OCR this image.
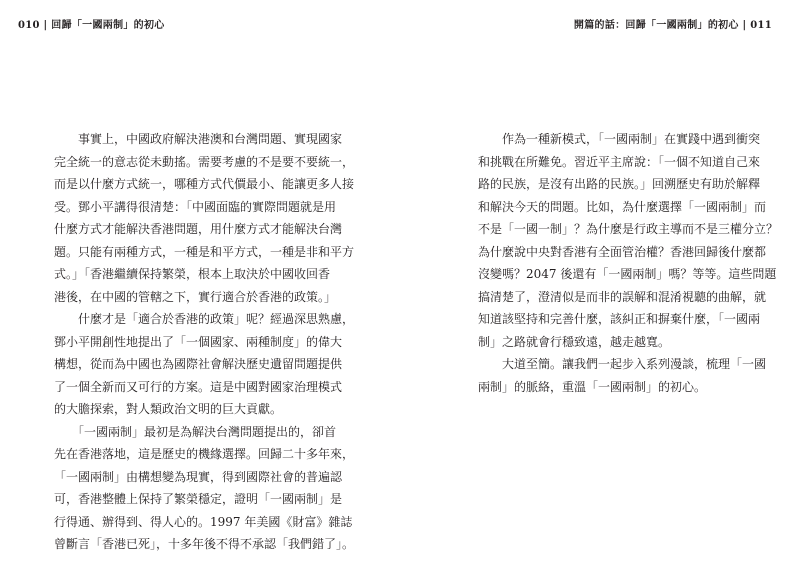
010 | 回歸「一國兩制」的初心	開篇的話：回歸「一國兩制」的初心 | 011

　　事實上，中國政府解決港澳和台灣問題、實現國家
完全統一的意志從未動搖。需要考慮的不是要不要統一，
而是以什麼方式統一，哪種方式代價最小、能讓更多人接
受。鄧小平講得很清楚：「中國面臨的實際問題就是用
什麼方式才能解決香港問題，用什麼方式才能解決台灣
題。只能有兩種方式，一種是和平方式，一種是非和平方
式。」「香港繼續保持繁榮，根本上取決於中國收回香
港後，在中國的管轄之下，實行適合於香港的政策。」
　　什麼才是「適合於香港的政策」呢？經過深思熟慮，
鄧小平開創性地提出了「一個國家、兩種制度」的偉大
構想，從而為中國也為國際社會解決歷史遺留問題提供
了一個全新而又可行的方案。這是中國對國家治理模式
的大膽探索，對人類政治文明的巨大貢獻。
　　「一國兩制」最初是為解決台灣問題提出的，卻首
先在香港落地，這是歷史的機緣選擇。回歸二十多年來，
「一國兩制」由構想變為現實，得到國際社會的普遍認
可，香港整體上保持了繁榮穩定，證明「一國兩制」是
行得通、辦得到、得人心的。1997 年美國《財富》雜誌
曾斷言「香港已死」，十多年後不得不承認「我們錯了」。

　　作為一種新模式，「一國兩制」在實踐中遇到衝突
和挑戰在所難免。習近平主席說：「一個不知道自己來
路的民族，是沒有出路的民族。」回溯歷史有助於解釋
和解決今天的問題。比如，為什麼選擇「一國兩制」而
不是「一國一制」？為什麼是行政主導而不是三權分立？
為什麼說中央對香港有全面管治權？香港回歸後什麼都
沒變嗎？2047 後還有「一國兩制」嗎？等等。這些問題
搞清楚了，澄清似是而非的誤解和混淆視聽的曲解，就
知道該堅持和完善什麼，該糾正和摒棄什麼，「一國兩
制」之路就會行穩致遠，越走越寬。
　　大道至簡。讓我們一起步入系列漫談，梳理「一國
兩制」的脈絡，重溫「一國兩制」的初心。
